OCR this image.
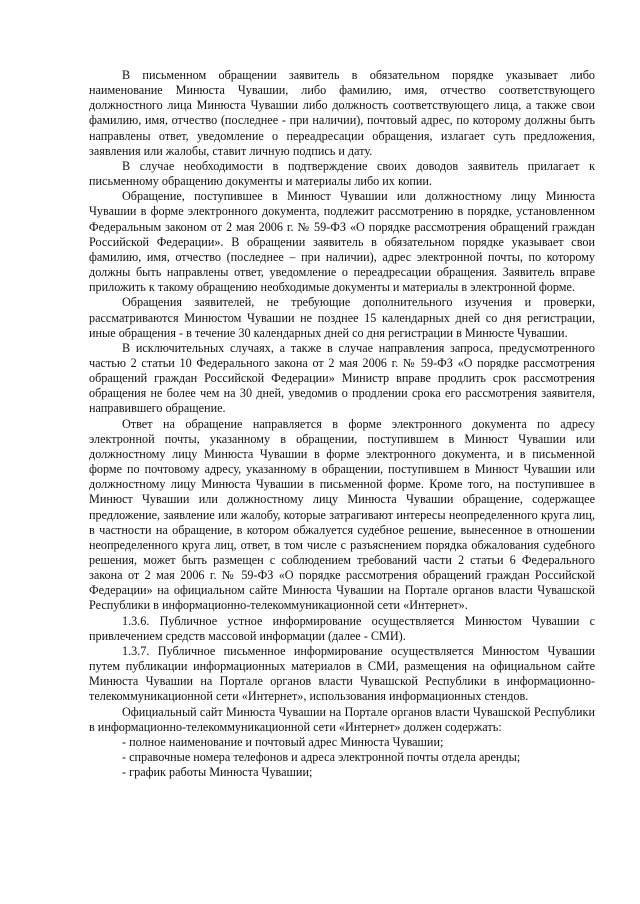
В письменном обращении заявитель в обязательном порядке указывает либо наименование Минюста Чувашии, либо фамилию, имя, отчество соответствующего должностного лица Минюста Чувашии либо должность соответствующего лица, а также свои фамилию, имя, отчество (последнее - при наличии), почтовый адрес, по которому должны быть направлены ответ, уведомление о переадресации обращения, излагает суть предложения, заявления или жалобы, ставит личную подпись и дату.

В случае необходимости в подтверждение своих доводов заявитель прилагает к письменному обращению документы и материалы либо их копии.

Обращение, поступившее в Минюст Чувашии или должностному лицу Минюста Чувашии в форме электронного документа, подлежит рассмотрению в порядке, установленном Федеральным законом от 2 мая 2006 г. № 59-ФЗ «О порядке рассмотрения обращений граждан Российской Федерации». В обращении заявитель в обязательном порядке указывает свои фамилию, имя, отчество (последнее – при наличии), адрес электронной почты, по которому должны быть направлены ответ, уведомление о переадресации обращения. Заявитель вправе приложить к такому обращению необходимые документы и материалы в электронной форме.

Обращения заявителей, не требующие дополнительного изучения и проверки, рассматриваются Минюстом Чувашии не позднее 15 календарных дней со дня регистрации, иные обращения - в течение 30 календарных дней со дня регистрации в Минюсте Чувашии.

В исключительных случаях, а также в случае направления запроса, предусмотренного частью 2 статьи 10 Федерального закона от 2 мая 2006 г. № 59-ФЗ «О порядке рассмотрения обращений граждан Российской Федерации» Министр вправе продлить срок рассмотрения обращения не более чем на 30 дней, уведомив о продлении срока его рассмотрения заявителя, направившего обращение.

Ответ на обращение направляется в форме электронного документа по адресу электронной почты, указанному в обращении, поступившем в Минюст Чувашии или должностному лицу Минюста Чувашии в форме электронного документа, и в письменной форме по почтовому адресу, указанному в обращении, поступившем в Минюст Чувашии или должностному лицу Минюста Чувашии в письменной форме. Кроме того, на поступившее в Минюст Чувашии или должностному лицу Минюста Чувашии обращение, содержащее предложение, заявление или жалобу, которые затрагивают интересы неопределенного круга лиц, в частности на обращение, в котором обжалуется судебное решение, вынесенное в отношении неопределенного круга лиц, ответ, в том числе с разъяснением порядка обжалования судебного решения, может быть размещен с соблюдением требований части 2 статьи 6 Федерального закона от 2 мая 2006 г. № 59-ФЗ «О порядке рассмотрения обращений граждан Российской Федерации» на официальном сайте Минюста Чувашии на Портале органов власти Чувашской Республики в информационно-телекоммуникационной сети «Интернет».

1.3.6. Публичное устное информирование осуществляется Минюстом Чувашии с привлечением средств массовой информации (далее - СМИ).

1.3.7. Публичное письменное информирование осуществляется Минюстом Чувашии путем публикации информационных материалов в СМИ, размещения на официальном сайте Минюста Чувашии на Портале органов власти Чувашской Республики в информационно-телекоммуникационной сети «Интернет», использования информационных стендов.

Официальный сайт Минюста Чувашии на Портале органов власти Чувашской Республики в информационно-телекоммуникационной сети «Интернет» должен содержать:

- полное наименование и почтовый адрес Минюста Чувашии;

- справочные номера телефонов и адреса электронной почты отдела аренды;

- график работы Минюста Чувашии;
